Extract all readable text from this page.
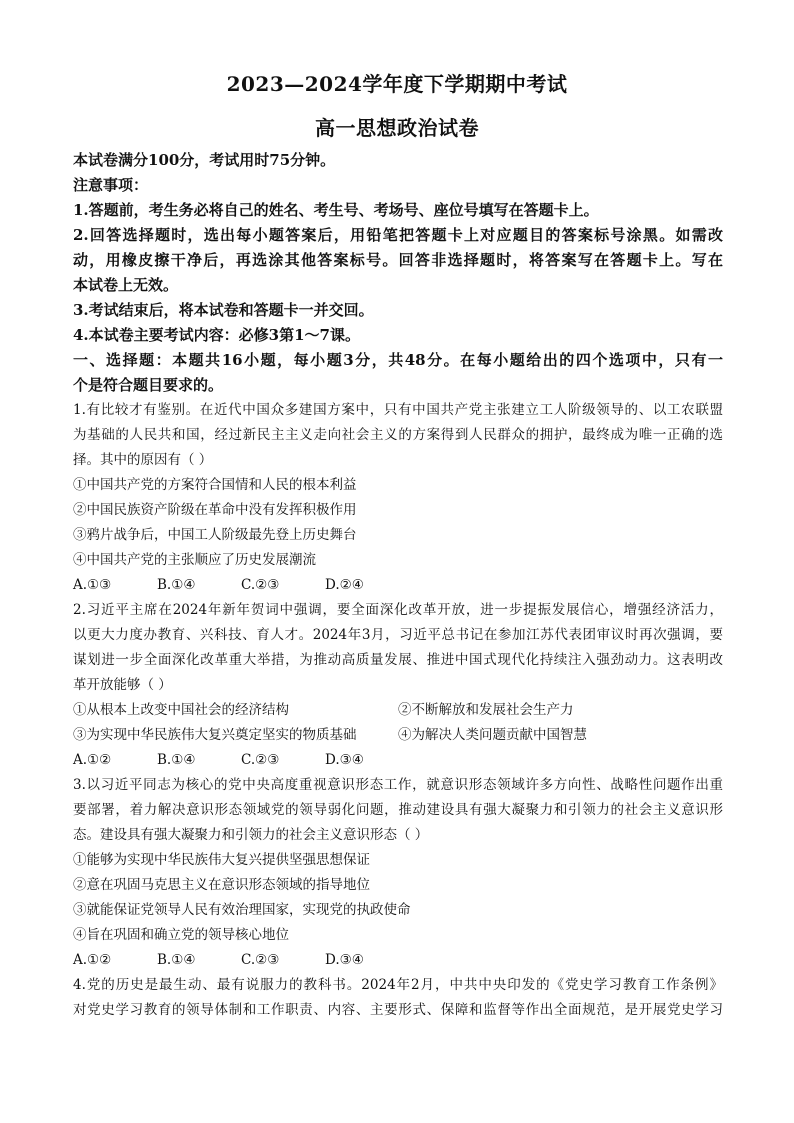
2023—2024学年度下学期期中考试
高一思想政治试卷
本试卷满分100分，考试用时75分钟。
注意事项：
1.答题前，考生务必将自己的姓名、考生号、考场号、座位号填写在答题卡上。
2.回答选择题时，选出每小题答案后，用铅笔把答题卡上对应题目的答案标号涂黑。如需改
动，用橡皮擦干净后，再选涂其他答案标号。回答非选择题时，将答案写在答题卡上。写在
本试卷上无效。
3.考试结束后，将本试卷和答题卡一并交回。
4.本试卷主要考试内容：必修3第1～7课。
一、选择题：本题共16小题，每小题3分，共48分。在每小题给出的四个选项中，只有一
个是符合题目要求的。
1.有比较才有鉴别。在近代中国众多建国方案中，只有中国共产党主张建立工人阶级领导的、以工农联盟
为基础的人民共和国，经过新民主主义走向社会主义的方案得到人民群众的拥护，最终成为唯一正确的选
择。其中的原因有（ ）
①中国共产党的方案符合国情和人民的根本利益
②中国民族资产阶级在革命中没有发挥积极作用
③鸦片战争后，中国工人阶级最先登上历史舞台
④中国共产党的主张顺应了历史发展潮流
A.①③	B.①④	C.②③	D.②④
2.习近平主席在2024年新年贺词中强调，要全面深化改革开放，进一步提振发展信心，增强经济活力，
以更大力度办教育、兴科技、育人才。2024年3月，习近平总书记在参加江苏代表团审议时再次强调，要
谋划进一步全面深化改革重大举措，为推动高质量发展、推进中国式现代化持续注入强劲动力。这表明改
革开放能够（ ）
①从根本上改变中国社会的经济结构	②不断解放和发展社会生产力
③为实现中华民族伟大复兴奠定坚实的物质基础	④为解决人类问题贡献中国智慧
A.①②	B.①④	C.②③	D.③④
3.以习近平同志为核心的党中央高度重视意识形态工作，就意识形态领域许多方向性、战略性问题作出重
要部署，着力解决意识形态领域党的领导弱化问题，推动建设具有强大凝聚力和引领力的社会主义意识形
态。建设具有强大凝聚力和引领力的社会主义意识形态（ ）
①能够为实现中华民族伟大复兴提供坚强思想保证
②意在巩固马克思主义在意识形态领域的指导地位
③就能保证党领导人民有效治理国家，实现党的执政使命
④旨在巩固和确立党的领导核心地位
A.①②	B.①④	C.②③	D.③④
4.党的历史是最生动、最有说服力的教科书。2024年2月，中共中央印发的《党史学习教育工作条例》
对党史学习教育的领导体制和工作职责、内容、主要形式、保障和监督等作出全面规范，是开展党史学习
